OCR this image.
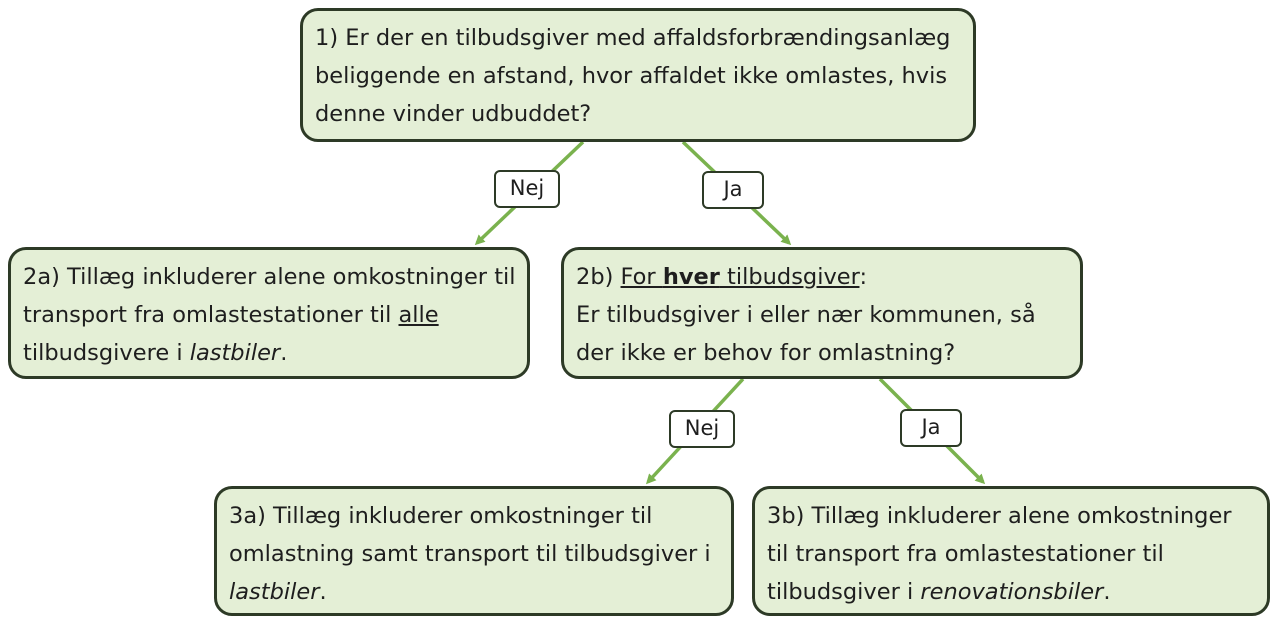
1) Er der en tilbudsgiver med affaldsforbrændingsanlæg
beliggende en afstand, hvor affaldet ikke omlastes, hvis
denne vinder udbuddet?
2a) Tillæg inkluderer alene omkostninger til
transport fra omlastestationer til alle
tilbudsgivere i lastbiler.
2b) For hver tilbudsgiver:
Er tilbudsgiver i eller nær kommunen, så
der ikke er behov for omlastning?
3a) Tillæg inkluderer omkostninger til
omlastning samt transport til tilbudsgiver i
lastbiler.
3b) Tillæg inkluderer alene omkostninger
til transport fra omlastestationer til
tilbudsgiver i renovationsbiler.
Nej	Ja
Nej	Ja
